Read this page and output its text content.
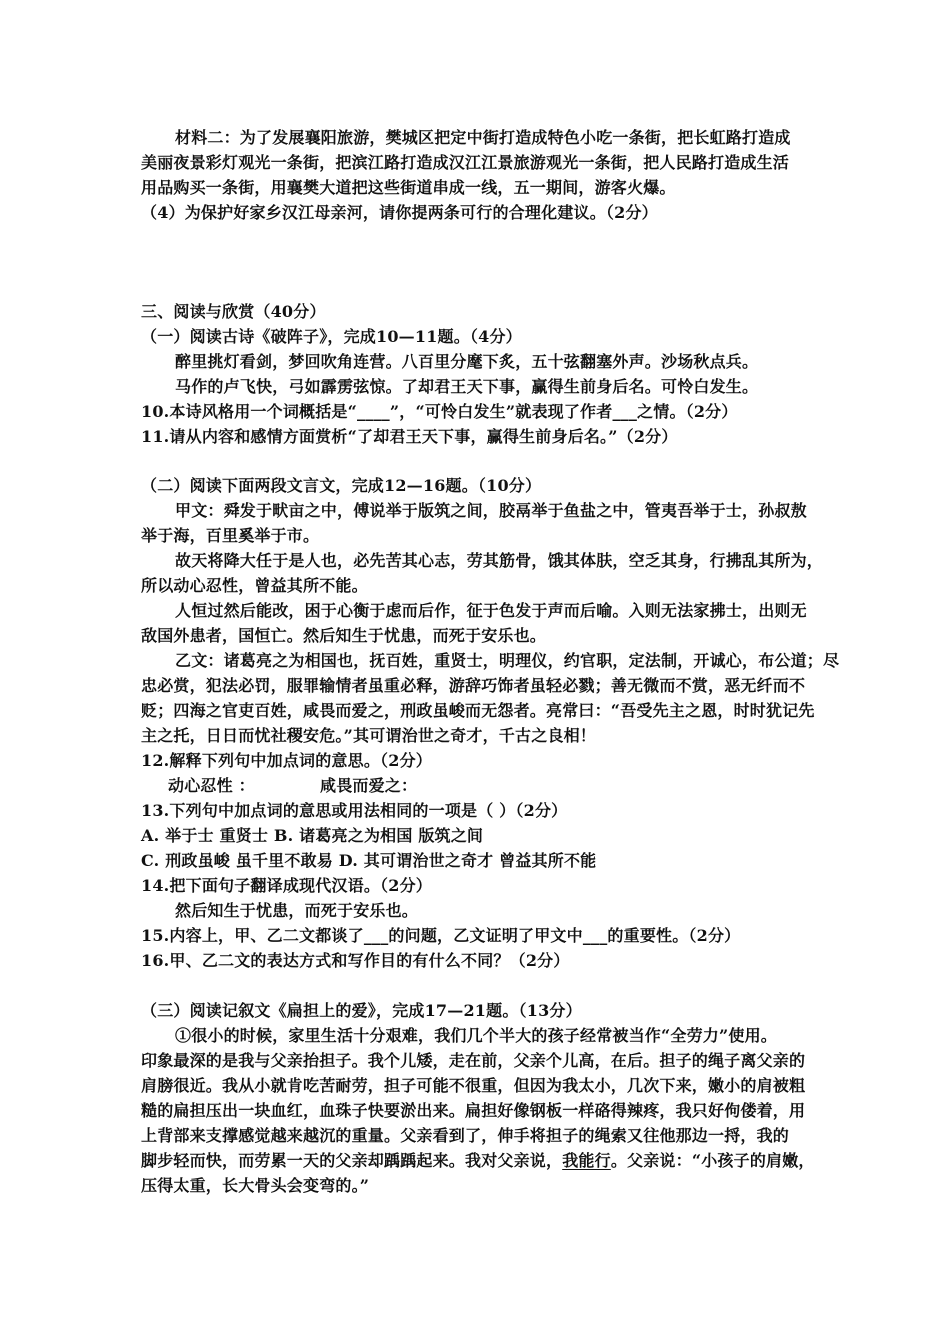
材料二：为了发展襄阳旅游，樊城区把定中街打造成特色小吃一条街，把长虹路打造成
美丽夜景彩灯观光一条街，把滨江路打造成汉江江景旅游观光一条街，把人民路打造成生活
用品购买一条街，用襄樊大道把这些街道串成一线，五一期间，游客火爆。
（4）为保护好家乡汉江母亲河，请你提两条可行的合理化建议。（2分）
三、阅读与欣赏（40分）
（一）阅读古诗《破阵子》，完成10—11题。（4分）
醉里挑灯看剑，梦回吹角连营。八百里分麾下炙，五十弦翻塞外声。沙场秋点兵。
马作的卢飞快，弓如霹雳弦惊。了却君王天下事，赢得生前身后名。可怜白发生。
10.本诗风格用一个词概括是“____”，“可怜白发生”就表现了作者___之情。（2分）
11.请从内容和感情方面赏析“了却君王天下事，赢得生前身后名。”（2分）
（二）阅读下面两段文言文，完成12—16题。（10分）
甲文：舜发于畎亩之中，傅说举于版筑之间，胶鬲举于鱼盐之中，管夷吾举于士，孙叔敖
举于海，百里奚举于市。
故天将降大任于是人也，必先苦其心志，劳其筋骨，饿其体肤，空乏其身，行拂乱其所为，
所以动心忍性，曾益其所不能。
人恒过然后能改，困于心衡于虑而后作，征于色发于声而后喻。入则无法家拂士，出则无
敌国外患者，国恒亡。然后知生于忧患，而死于安乐也。
乙文：诸葛亮之为相国也，抚百姓，重贤士，明理仪，约官职，定法制，开诚心，布公道；尽
忠必赏，犯法必罚，服罪输情者虽重必释，游辞巧饰者虽轻必戮；善无微而不赏，恶无纤而不
贬；四海之官吏百姓，咸畏而爱之，刑政虽峻而无怨者。亮常曰：“吾受先主之恩，时时犹记先
主之托，日日而忧社稷安危。”其可谓治世之奇才，千古之良相！
12.解释下列句中加点词的意思。（2分）
动心忍性 ：	咸畏而爱之：
13.下列句中加点词的意思或用法相同的一项是（ ）（2分）
A. 举于士 重贤士 B. 诸葛亮之为相国 版筑之间
C. 刑政虽峻 虽千里不敢易 D. 其可谓治世之奇才 曾益其所不能
14.把下面句子翻译成现代汉语。（2分）
然后知生于忧患，而死于安乐也。
15.内容上，甲、乙二文都谈了___的问题，乙文证明了甲文中___的重要性。（2分）
16.甲、乙二文的表达方式和写作目的有什么不同？（2分）
（三）阅读记叙文《扁担上的爱》，完成17—21题。（13分）
①很小的时候，家里生活十分艰难，我们几个半大的孩子经常被当作“全劳力”使用。
印象最深的是我与父亲抬担子。我个儿矮，走在前，父亲个儿高，在后。担子的绳子离父亲的
肩膀很近。我从小就肯吃苦耐劳，担子可能不很重，但因为我太小，几次下来，嫩小的肩被粗
糙的扁担压出一块血红，血珠子快要淤出来。扁担好像钢板一样硌得辣疼，我只好佝偻着，用
上背部来支撑感觉越来越沉的重量。父亲看到了，伸手将担子的绳索又往他那边一捋，我的
脚步轻而快，而劳累一天的父亲却踽踽起来。我对父亲说，我能行。父亲说：“小孩子的肩嫩，
压得太重，长大骨头会变弯的。”
